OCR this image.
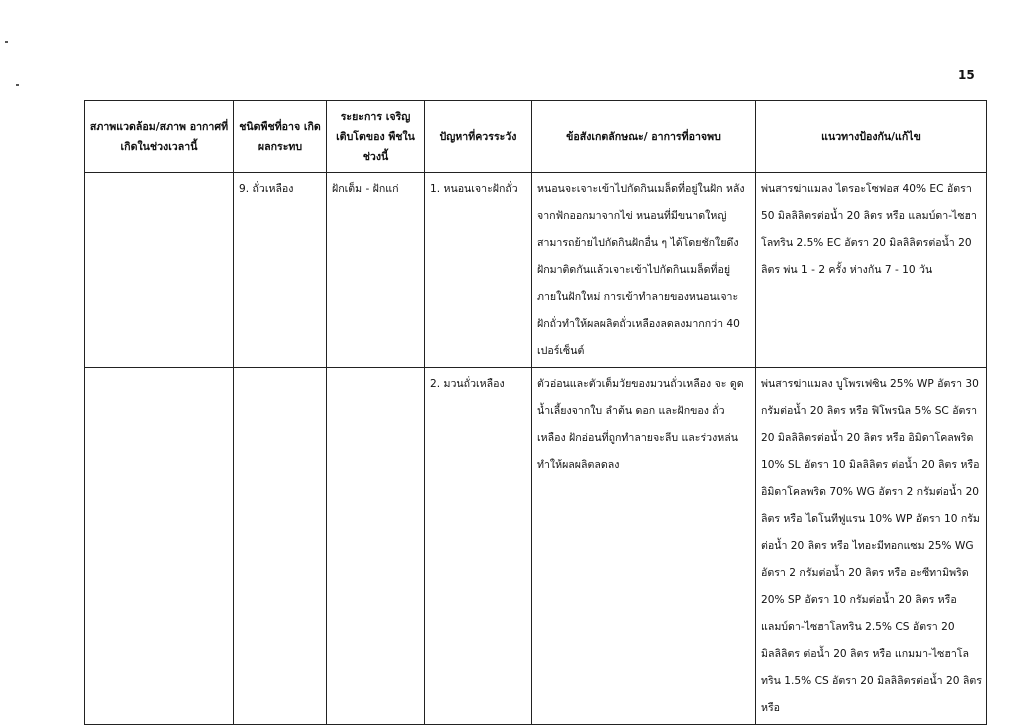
15
สภาพแวดล้อม/สภาพ อากาศที่เกิดในช่วงเวลานี้	ชนิดพืชที่อาจ เกิดผลกระทบ	ระยะการ เจริญเติบโตของ พืชในช่วงนี้	ปัญหาที่ควรระวัง	ข้อสังเกตลักษณะ/ อาการที่อาจพบ	แนวทางป้องกัน/แก้ไข
	9. ถั่วเหลือง	ฝักเต็ม - ฝักแก่	1. หนอนเจาะฝักถั่ว	หนอนจะเจาะเข้าไปกัดกินเมล็ดที่อยู่ในฝัก หลังจากฟักออกมาจากไข่ หนอนที่มีขนาดใหญ่ สามารถย้ายไปกัดกินฝักอื่น ๆ ได้โดยชักใยดึง ฝักมาติดกันแล้วเจาะเข้าไปกัดกินเมล็ดที่อยู่ ภายในฝักใหม่ การเข้าทำลายของหนอนเจาะ ฝักถั่วทำให้ผลผลิตถั่วเหลืองลดลงมากกว่า 40 เปอร์เซ็นต์	พ่นสารฆ่าแมลง ไตรอะโซฟอส 40% EC อัตรา 50 มิลลิลิตรต่อน้ำ 20 ลิตร หรือ แลมบ์ดา-ไซฮาโลทริน 2.5% EC อัตรา 20 มิลลิลิตรต่อน้ำ 20 ลิตร พ่น 1 - 2 ครั้ง ห่างกัน 7 - 10 วัน
			2. มวนถั่วเหลือง	ตัวอ่อนและตัวเต็มวัยของมวนถั่วเหลือง จะ ดูดน้ำเลี้ยงจากใบ ลำต้น ดอก และฝักของ ถั่วเหลือง ฝักอ่อนที่ถูกทำลายจะลีบ และร่วงหล่น ทำให้ผลผลิตลดลง	พ่นสารฆ่าแมลง บูโพรเฟซิน 25% WP อัตรา 30 กรัมต่อน้ำ 20 ลิตร หรือ ฟิโพรนิล 5% SC อัตรา 20 มิลลิลิตรต่อน้ำ 20 ลิตร หรือ อิมิดาโคลพริด 10% SL อัตรา 10 มิลลิลิตร ต่อน้ำ 20 ลิตร หรือ อิมิดาโคลพริด 70% WG อัตรา 2 กรัมต่อน้ำ 20 ลิตร หรือ ไดโนทีฟูแรน 10% WP อัตรา 10 กรัมต่อน้ำ 20 ลิตร หรือ ไทอะมีทอกแซม 25% WG อัตรา 2 กรัมต่อน้ำ 20 ลิตร หรือ อะซีทามิพริด 20% SP อัตรา 10 กรัมต่อน้ำ 20 ลิตร หรือ แลมบ์ดา-ไซฮาโลทริน 2.5% CS อัตรา 20 มิลลิลิตร ต่อน้ำ 20 ลิตร หรือ แกมมา-ไซฮาโลทริน 1.5% CS อัตรา 20 มิลลิลิตรต่อน้ำ 20 ลิตร หรือ
